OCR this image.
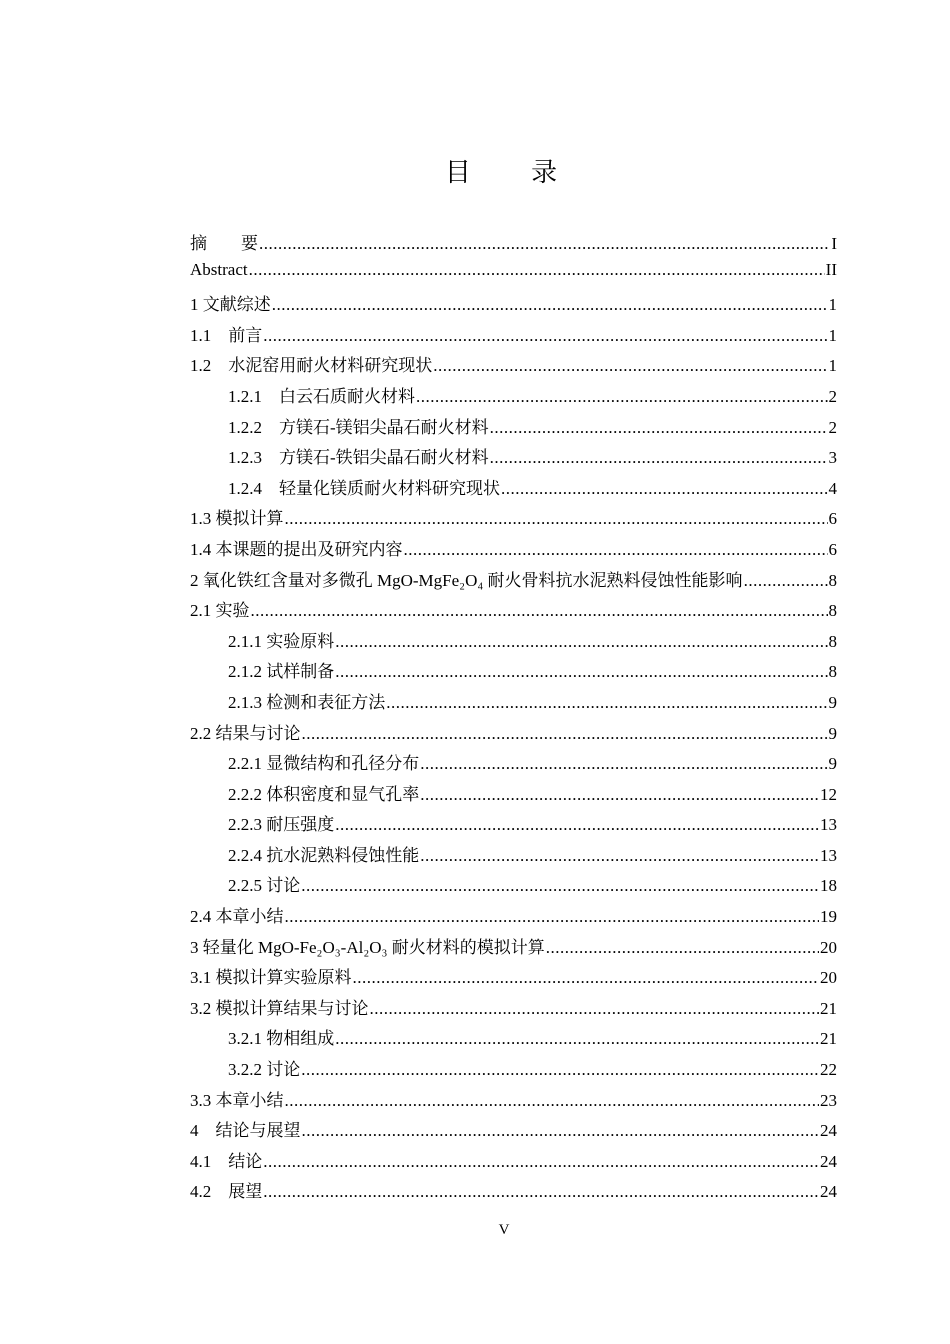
目 录
摘　　要 .....	I
Abstract .....	II
1 文献综述 .....	1
1.1　前言 .....	1
1.2　水泥窑用耐火材料研究现状 .....	1
1.2.1　白云石质耐火材料 .....	2
1.2.2　方镁石-镁铝尖晶石耐火材料 .....	2
1.2.3　方镁石-铁铝尖晶石耐火材料 .....	3
1.2.4　轻量化镁质耐火材料研究现状 .....	4
1.3 模拟计算 .....	6
1.4 本课题的提出及研究内容 .....	6
2 氧化铁红含量对多微孔 MgO-MgFe₂O₄ 耐火骨料抗水泥熟料侵蚀性能影响 .....	8
2.1 实验 .....	8
2.1.1 实验原料 .....	8
2.1.2 试样制备 .....	8
2.1.3 检测和表征方法 .....	9
2.2 结果与讨论 .....	9
2.2.1 显微结构和孔径分布 .....	9
2.2.2 体积密度和显气孔率 .....	12
2.2.3 耐压强度 .....	13
2.2.4 抗水泥熟料侵蚀性能 .....	13
2.2.5 讨论 .....	18
2.4 本章小结 .....	19
3 轻量化 MgO-Fe₂O₃-Al₂O₃ 耐火材料的模拟计算 .....	20
3.1 模拟计算实验原料 .....	20
3.2 模拟计算结果与讨论 .....	21
3.2.1 物相组成 .....	21
3.2.2 讨论 .....	22
3.3 本章小结 .....	23
4　结论与展望 .....	24
4.1　结论 .....	24
4.2　展望 .....	24
V
